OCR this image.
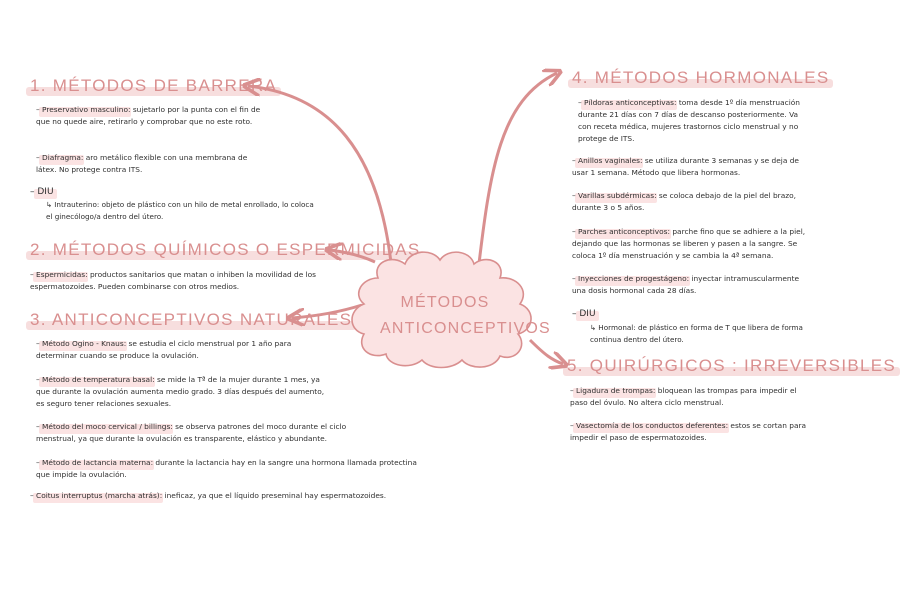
MÉTODOS
ANTICONCEPTIVOS
1. MÉTODOS DE BARRERA
– Preservativo masculino: sujetarlo por la punta con el fin de que no quede aire, retirarlo y comprobar que no este roto.
– Diafragma: aro metálico flexible con una membrana de látex. No protege contra ITS.
– DIU
↳ Intrauterino: objeto de plástico con un hilo de metal enrollado, lo coloca el ginecólogo/a dentro del útero.
2. MÉTODOS QUÍMICOS O ESPERMICIDAS
– Espermicidas: productos sanitarios que matan o inhiben la movilidad de los espermatozoides. Pueden combinarse con otros medios.
3. ANTICONCEPTIVOS NATURALES
– Método Ogino - Knaus: se estudia el ciclo menstrual por 1 año para determinar cuando se produce la ovulación.
– Método de temperatura basal: se mide la Tª de la mujer durante 1 mes, ya que durante la ovulación aumenta medio grado. 3 días después del aumento, es seguro tener relaciones sexuales.
– Método del moco cervical / billings: se observa patrones del moco durante el ciclo menstrual, ya que durante la ovulación es transparente, elástico y abundante.
– Método de lactancia materna: durante la lactancia hay en la sangre una hormona llamada protectina que impide la ovulación.
– Coitus interruptus (marcha atrás): ineficaz, ya que el líquido preseminal hay espermatozoides.
4. MÉTODOS HORMONALES
– Píldoras anticonceptivas: toma desde 1º día menstruación durante 21 días con 7 días de descanso posteriormente. Va con receta médica, mujeres trastornos ciclo menstrual y no protege de ITS.
– Anillos vaginales: se utiliza durante 3 semanas y se deja de usar 1 semana. Método que libera hormonas.
– Varillas subdérmicas: se coloca debajo de la piel del brazo, durante 3 o 5 años.
– Parches anticonceptivos: parche fino que se adhiere a la piel, dejando que las hormonas se liberen y pasen a la sangre. Se coloca 1º día menstruación y se cambia la 4ª semana.
– Inyecciones de progestágeno: inyectar intramuscularmente una dosis hormonal cada 28 días.
– DIU
↳ Hormonal: de plástico en forma de T que libera de forma continua dentro del útero.
5. QUIRÚRGICOS : IRREVERSIBLES
– Ligadura de trompas: bloquean las trompas para impedir el paso del óvulo. No altera ciclo menstrual.
– Vasectomía de los conductos deferentes: estos se cortan para impedir el paso de espermatozoides.
